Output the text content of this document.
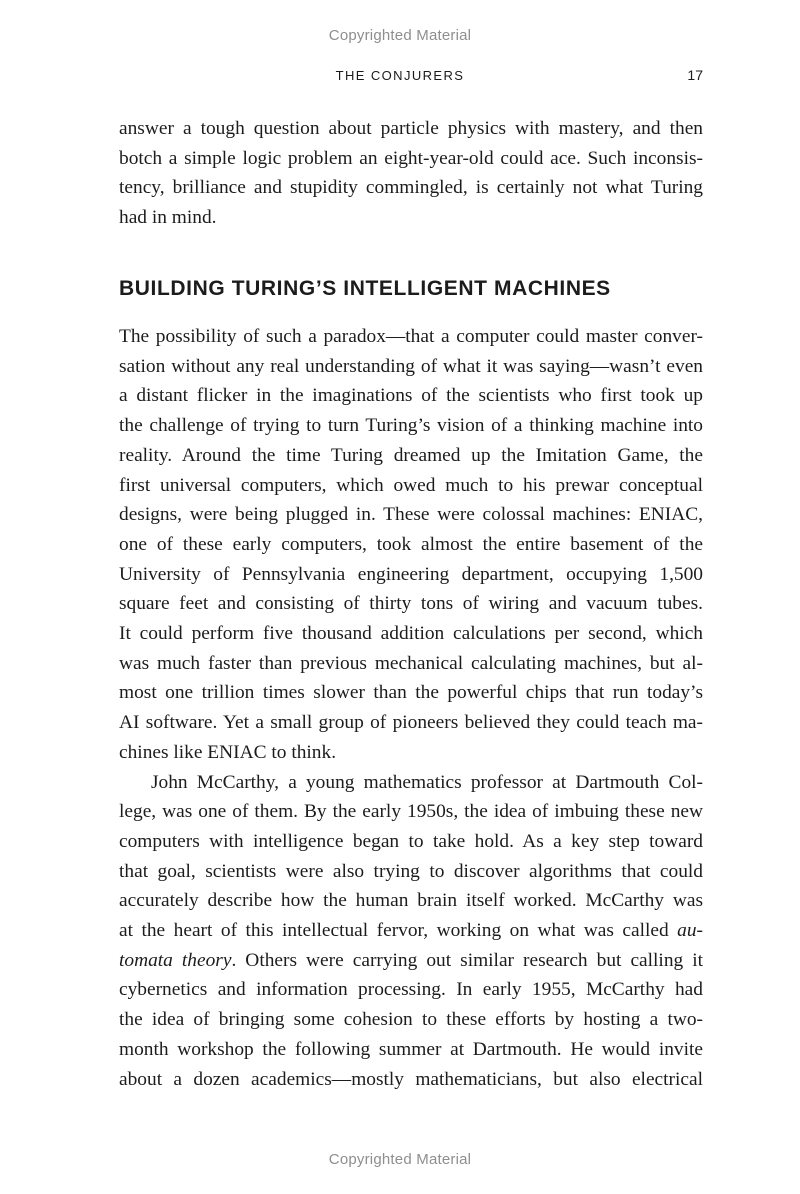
Copyrighted Material
THE CONJURERS	17
answer a tough question about particle physics with mastery, and then
botch a simple logic problem an eight-year-old could ace. Such inconsis-
tency, brilliance and stupidity commingled, is certainly not what Turing
had in mind.
BUILDING TURING’S INTELLIGENT MACHINES
The possibility of such a paradox—that a computer could master conver-
sation without any real understanding of what it was saying—wasn’t even
a distant flicker in the imaginations of the scientists who first took up
the challenge of trying to turn Turing’s vision of a thinking machine into
reality. Around the time Turing dreamed up the Imitation Game, the
first universal computers, which owed much to his prewar conceptual
designs, were being plugged in. These were colossal machines: ENIAC,
one of these early computers, took almost the entire basement of the
University of Pennsylvania engineering department, occupying 1,500
square feet and consisting of thirty tons of wiring and vacuum tubes.
It could perform five thousand addition calculations per second, which
was much faster than previous mechanical calculating machines, but al-
most one trillion times slower than the powerful chips that run today’s
AI software. Yet a small group of pioneers believed they could teach ma-
chines like ENIAC to think.
John McCarthy, a young mathematics professor at Dartmouth Col-
lege, was one of them. By the early 1950s, the idea of imbuing these new
computers with intelligence began to take hold. As a key step toward
that goal, scientists were also trying to discover algorithms that could
accurately describe how the human brain itself worked. McCarthy was
at the heart of this intellectual fervor, working on what was called au-
tomata theory. Others were carrying out similar research but calling it
cybernetics and information processing. In early 1955, McCarthy had
the idea of bringing some cohesion to these efforts by hosting a two-
month workshop the following summer at Dartmouth. He would invite
about a dozen academics—mostly mathematicians, but also electrical
Copyrighted Material
